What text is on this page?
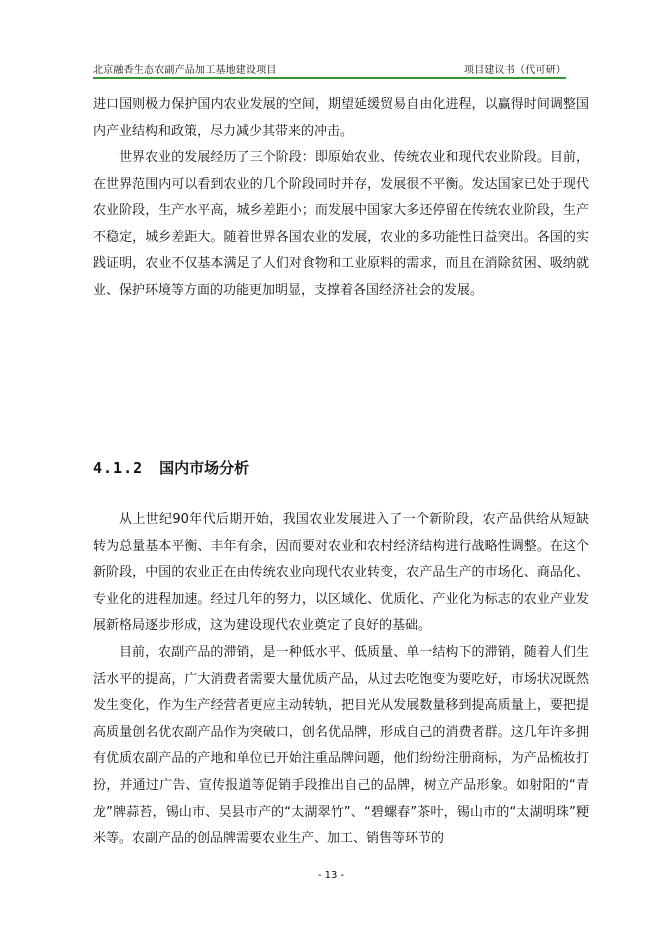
北京融香生态农副产品加工基地建设项目	项目建议书（代可研）

进口国则极力保护国内农业发展的空间，期望延缓贸易自由化进程，以赢得时间调整国内产业结构和政策，尽力减少其带来的冲击。

世界农业的发展经历了三个阶段：即原始农业、传统农业和现代农业阶段。目前，在世界范围内可以看到农业的几个阶段同时并存，发展很不平衡。发达国家已处于现代农业阶段，生产水平高，城乡差距小；而发展中国家大多还停留在传统农业阶段，生产不稳定，城乡差距大。随着世界各国农业的发展，农业的多功能性日益突出。各国的实践证明，农业不仅基本满足了人们对食物和工业原料的需求，而且在消除贫困、吸纳就业、保护环境等方面的功能更加明显，支撑着各国经济社会的发展。

4.1.2 国内市场分析

从上世纪90年代后期开始，我国农业发展进入了一个新阶段，农产品供给从短缺转为总量基本平衡、丰年有余，因而要对农业和农村经济结构进行战略性调整。在这个新阶段，中国的农业正在由传统农业向现代农业转变，农产品生产的市场化、商品化、专业化的进程加速。经过几年的努力，以区域化、优质化、产业化为标志的农业产业发展新格局逐步形成，这为建设现代农业奠定了良好的基础。

目前，农副产品的滞销，是一种低水平、低质量、单一结构下的滞销，随着人们生活水平的提高，广大消费者需要大量优质产品，从过去吃饱变为要吃好，市场状况既然发生变化，作为生产经营者更应主动转轨，把目光从发展数量移到提高质量上，要把提高质量创名优农副产品作为突破口，创名优品牌，形成自己的消费者群。这几年许多拥有优质农副产品的产地和单位已开始注重品牌问题，他们纷纷注册商标，为产品梳妆打扮，并通过广告、宣传报道等促销手段推出自己的品牌，树立产品形象。如射阳的“青龙”牌蒜苔，锡山市、吴县市产的“太湖翠竹”、“碧螺春”茶叶，锡山市的“太湖明珠”粳米等。农副产品的创品牌需要农业生产、加工、销售等环节的

- 13 -
